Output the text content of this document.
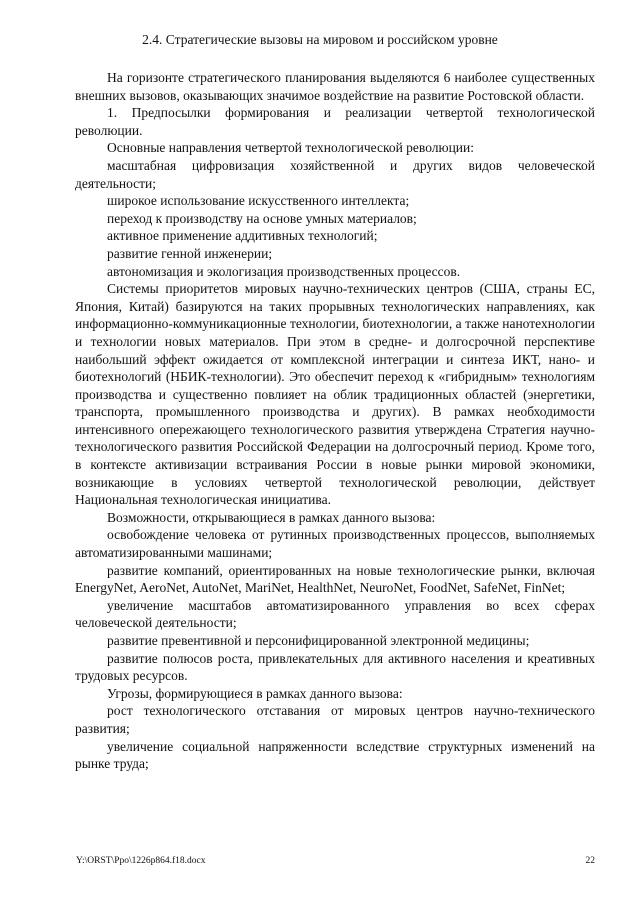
2.4. Стратегические вызовы на мировом и российском уровне

На горизонте стратегического планирования выделяются 6 наиболее существенных внешних вызовов, оказывающих значимое воздействие на развитие Ростовской области.

1. Предпосылки формирования и реализации четвертой технологической революции.

Основные направления четвертой технологической революции:

масштабная цифровизация хозяйственной и других видов человеческой деятельности;

широкое использование искусственного интеллекта;

переход к производству на основе умных материалов;

активное применение аддитивных технологий;

развитие генной инженерии;

автономизация и экологизация производственных процессов.

Системы приоритетов мировых научно-технических центров (США, страны ЕС, Япония, Китай) базируются на таких прорывных технологических направлениях, как информационно-коммуникационные технологии, биотехнологии, а также нанотехнологии и технологии новых материалов. При этом в средне- и долгосрочной перспективе наибольший эффект ожидается от комплексной интеграции и синтеза ИКТ, нано- и биотехнологий (НБИК-технологии). Это обеспечит переход к «гибридным» технологиям производства и существенно повлияет на облик традиционных областей (энергетики, транспорта, промышленного производства и других). В рамках необходимости интенсивного опережающего технологического развития утверждена Стратегия научно-технологического развития Российской Федерации на долгосрочный период. Кроме того, в контексте активизации встраивания России в новые рынки мировой экономики, возникающие в условиях четвертой технологической революции, действует Национальная технологическая инициатива.

Возможности, открывающиеся в рамках данного вызова:

освобождение человека от рутинных производственных процессов, выполняемых автоматизированными машинами;

развитие компаний, ориентированных на новые технологические рынки, включая EnergyNet, AeroNet, AutoNet, MariNet, HealthNet, NeuroNet, FoodNet, SafeNet, FinNet;

увеличение масштабов автоматизированного управления во всех сферах человеческой деятельности;

развитие превентивной и персонифицированной электронной медицины;

развитие полюсов роста, привлекательных для активного населения и креативных трудовых ресурсов.

Угрозы, формирующиеся в рамках данного вызова:

рост технологического отставания от мировых центров научно-технического развития;

увеличение социальной напряженности вследствие структурных изменений на рынке труда;

Y:\ORST\Ppo\1226p864.f18.docx	22
